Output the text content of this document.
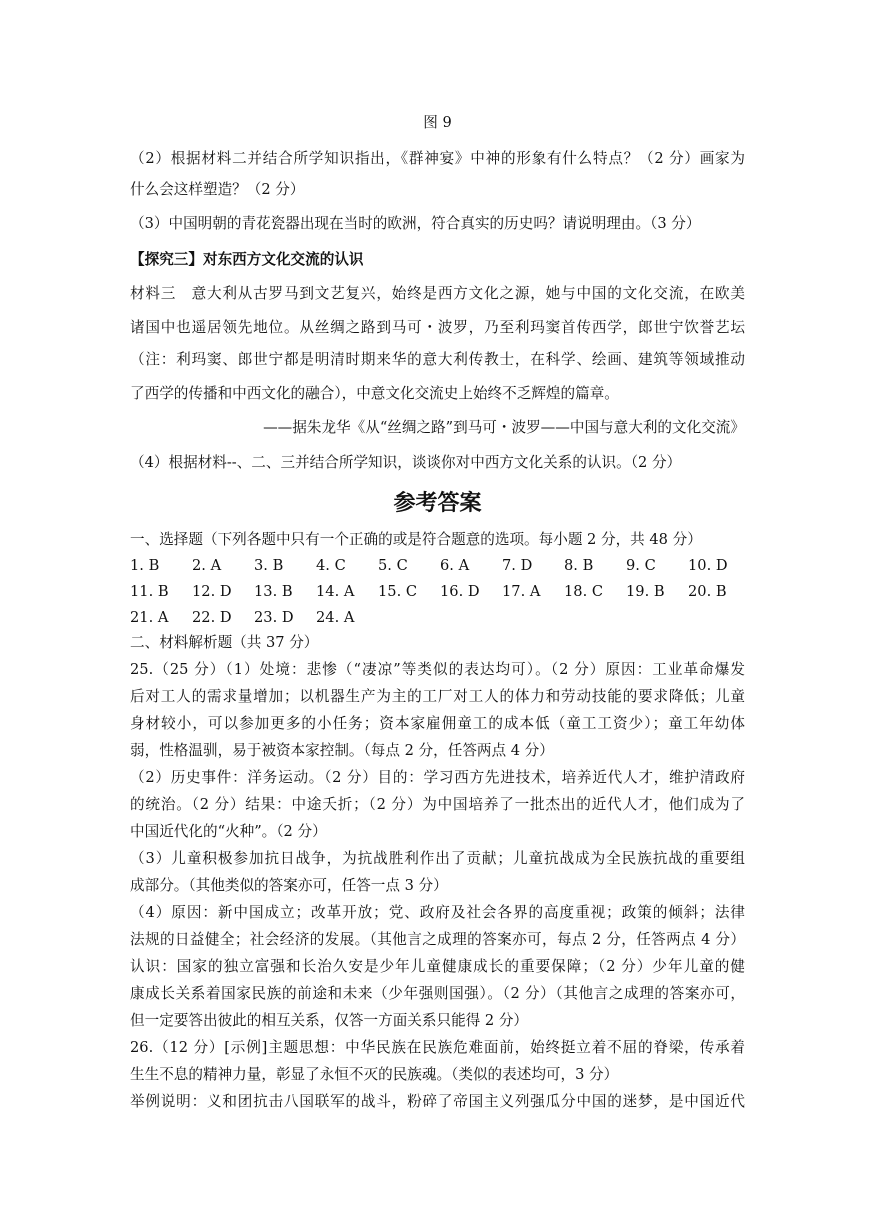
图 9
（2）根据材料二并结合所学知识指出，《群神宴》中神的形象有什么特点？（2 分）画家为
什么会这样塑造？（2 分）
（3）中国明朝的青花瓷器出现在当时的欧洲，符合真实的历史吗？请说明理由。（3 分）
【探究三】对东西方文化交流的认识
材料三　意大利从古罗马到文艺复兴，始终是西方文化之源，她与中国的文化交流，在欧美
诸国中也遥居领先地位。从丝绸之路到马可・波罗，乃至利玛窦首传西学，郎世宁饮誉艺坛
（注：利玛窦、郎世宁都是明清时期来华的意大利传教士，在科学、绘画、建筑等领域推动
了西学的传播和中西文化的融合），中意文化交流史上始终不乏辉煌的篇章。
——据朱龙华《从“丝绸之路”到马可・波罗——中国与意大利的文化交流》
（4）根据材料--、二、三并结合所学知识，谈谈你对中西方文化关系的认识。（2 分）
参考答案
一、选择题（下列各题中只有一个正确的或是符合题意的选项。每小题 2 分，共 48 分）
1. B 2. A 3. B 4. C 5. C 6. A 7. D 8. B 9. C 10. D
11. B 12. D 13. B 14. A 15. C 16. D 17. A 18. C 19. B 20. B
21. A 22. D 23. D 24. A
二、材料解析题（共 37 分）
25.（25 分）（1）处境：悲惨（“凄凉”等类似的表达均可）。（2 分）原因：工业革命爆发
后对工人的需求量增加；以机器生产为主的工厂对工人的体力和劳动技能的要求降低；儿童
身材较小，可以参加更多的小任务；资本家雇佣童工的成本低（童工工资少）；童工年幼体
弱，性格温驯，易于被资本家控制。（每点 2 分，任答两点 4 分）
（2）历史事件：洋务运动。（2 分）目的：学习西方先进技术，培养近代人才，维护清政府
的统治。（2 分）结果：中途夭折；（2 分）为中国培养了一批杰出的近代人才，他们成为了
中国近代化的“火种”。（2 分）
（3）儿童积极参加抗日战争，为抗战胜利作出了贡献；儿童抗战成为全民族抗战的重要组
成部分。（其他类似的答案亦可，任答一点 3 分）
（4）原因：新中国成立；改革开放；党、政府及社会各界的高度重视；政策的倾斜；法律
法规的日益健全；社会经济的发展。（其他言之成理的答案亦可，每点 2 分，任答两点 4 分）
认识：国家的独立富强和长治久安是少年儿童健康成长的重要保障；（2 分）少年儿童的健
康成长关系着国家民族的前途和未来（少年强则国强）。（2 分）（其他言之成理的答案亦可，
但一定要答出彼此的相互关系，仅答一方面关系只能得 2 分）
26.（12 分）[示例]主题思想：中华民族在民族危难面前，始终挺立着不屈的脊梁，传承着
生生不息的精神力量，彰显了永恒不灭的民族魂。（类似的表述均可，3 分）
举例说明：义和团抗击八国联军的战斗，粉碎了帝国主义列强瓜分中国的迷梦，是中国近代
